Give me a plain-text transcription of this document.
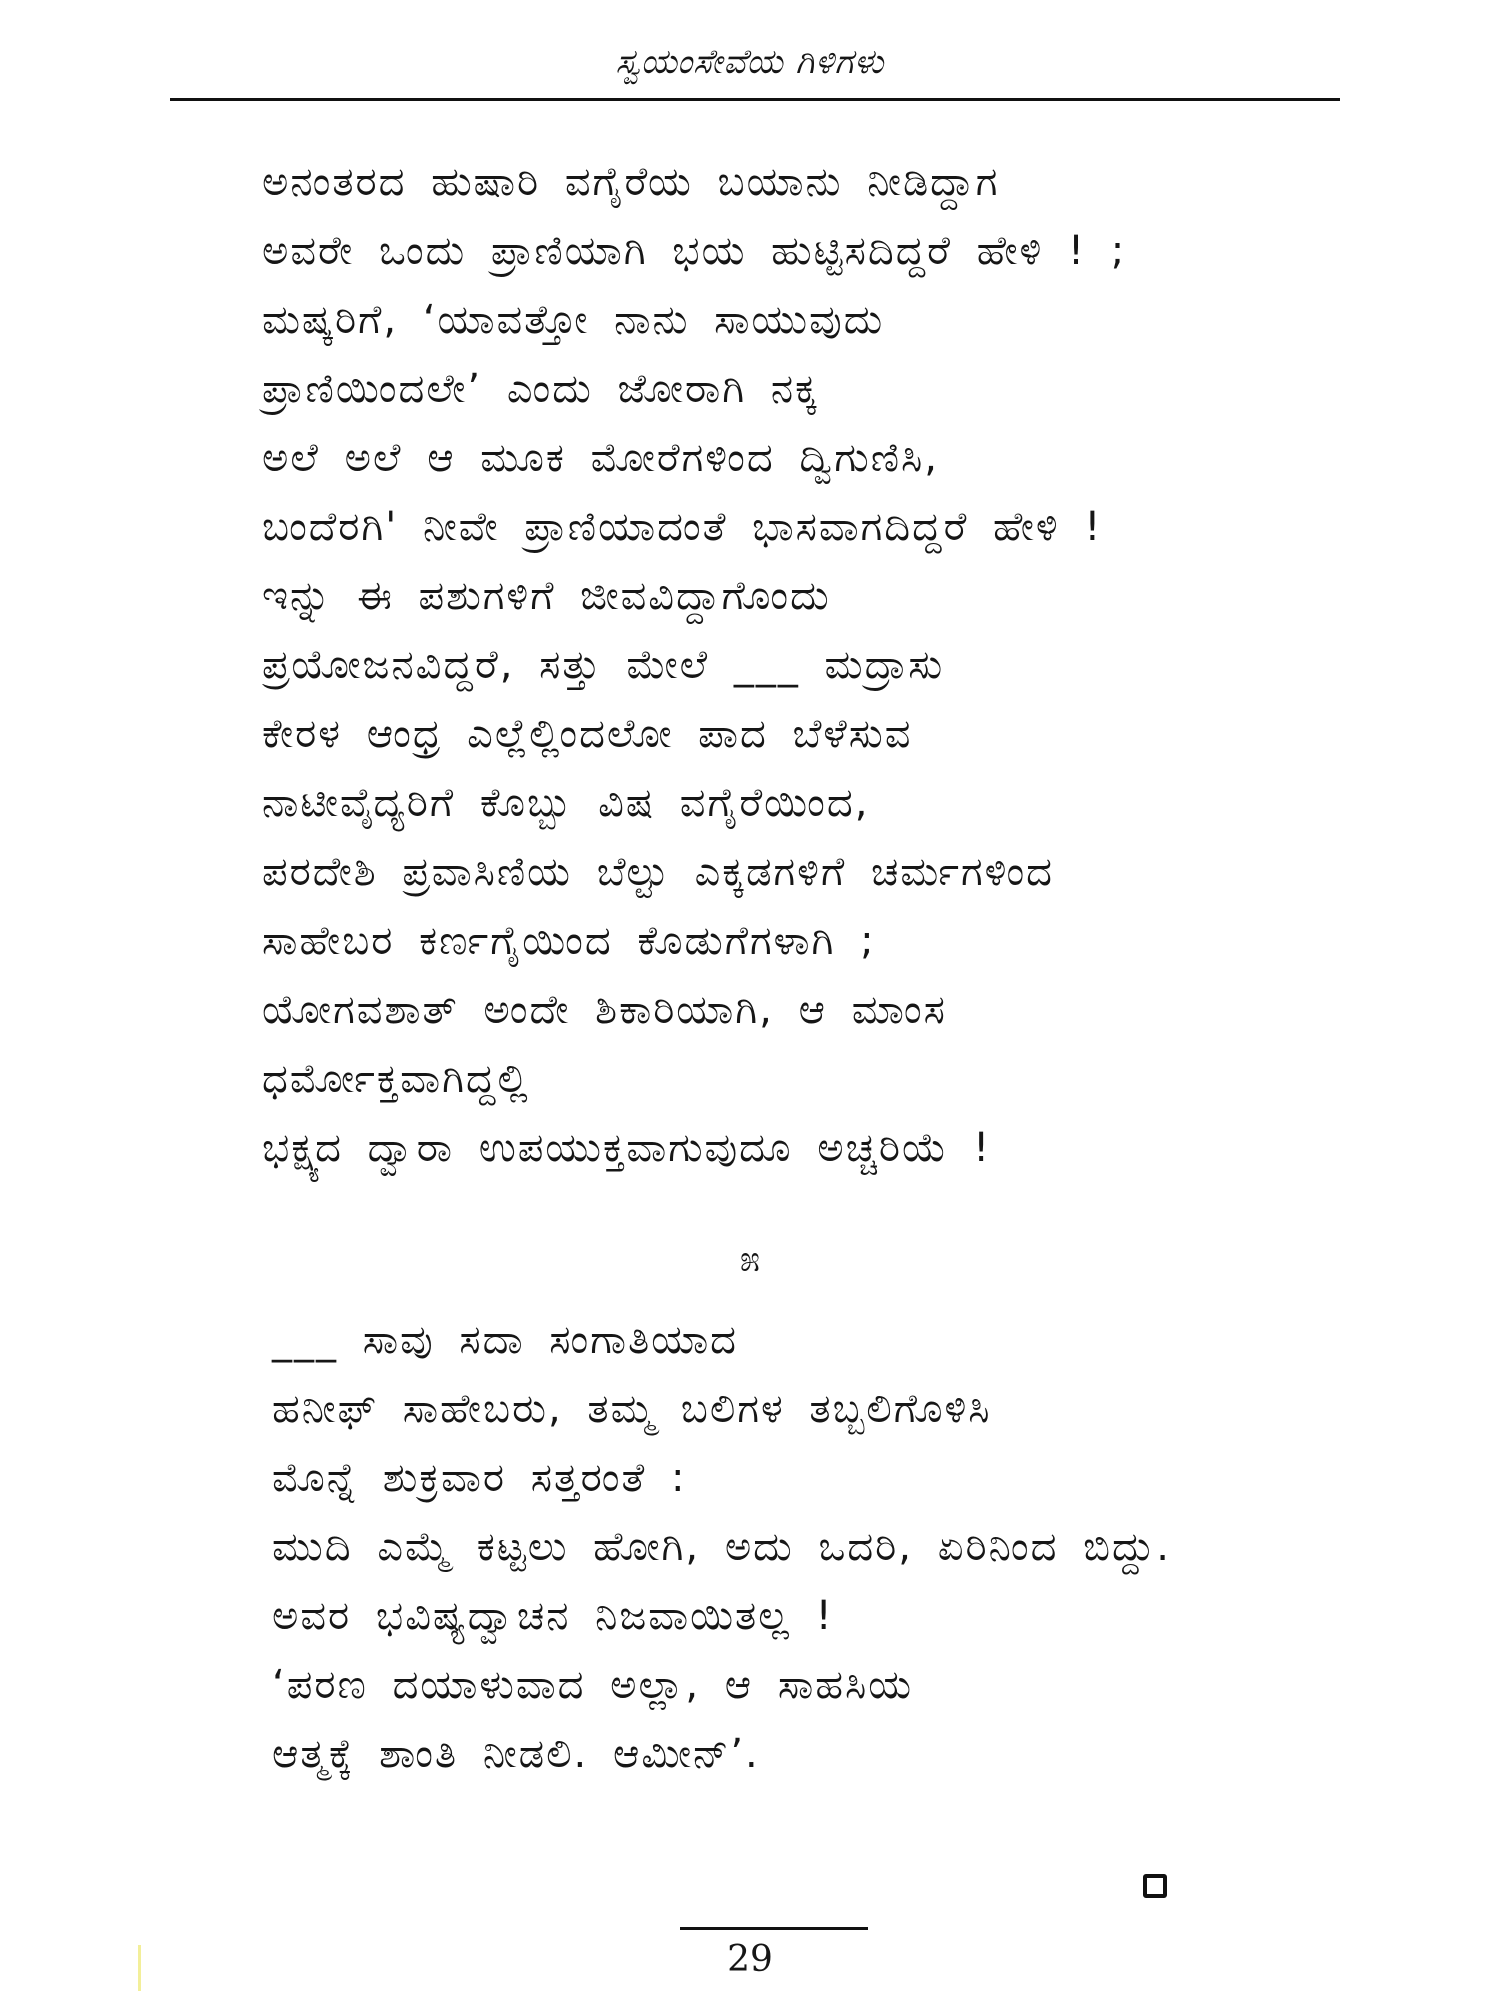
ಸ್ವಯಂಸೇವೆಯ ಗಿಳಿಗಳು
ಅನಂತರದ ಹುಷಾರಿ ವಗೈರೆಯ ಬಯಾನು ನೀಡಿದ್ದಾಗ
ಅವರೇ ಒಂದು ಪ್ರಾಣಿಯಾಗಿ ಭಯ ಹುಟ್ಟಿಸದಿದ್ದರೆ ಹೇಳಿ ! ;
ಮಷ್ಕರಿಗೆ, ‘ಯಾವತ್ತೋ ನಾನು ಸಾಯುವುದು
ಪ್ರಾಣಿಯಿಂದಲೇ’ ಎಂದು ಜೋರಾಗಿ ನಕ್ಕ
ಅಲೆ ಅಲೆ ಆ ಮೂಕ ಮೋರೆಗಳಿಂದ ದ್ವಿಗುಣಿಸಿ,
ಬಂದೆರಗಿ' ನೀವೇ ಪ್ರಾಣಿಯಾದಂತೆ ಭಾಸವಾಗದಿದ್ದರೆ ಹೇಳಿ !
ಇನ್ನು ಈ ಪಶುಗಳಿಗೆ ಜೀವವಿದ್ದಾಗೊಂದು
ಪ್ರಯೋಜನವಿದ್ದರೆ, ಸತ್ತು ಮೇಲೆ ___ ಮದ್ರಾಸು
ಕೇರಳ ಆಂಧ್ರ ಎಲ್ಲೆಲ್ಲಿಂದಲೋ ಪಾದ ಬೆಳೆಸುವ
ನಾಟೀವೈದ್ಯರಿಗೆ ಕೊಬ್ಬು ವಿಷ ವಗೈರೆಯಿಂದ,
ಪರದೇಶಿ ಪ್ರವಾಸಿಣಿಯ ಬೆಲ್ಟು ಎಕ್ಕಡಗಳಿಗೆ ಚರ್ಮಗಳಿಂದ
ಸಾಹೇಬರ ಕರ್ಣಗೈಯಿಂದ ಕೊಡುಗೆಗಳಾಗಿ ;
ಯೋಗವಶಾತ್ ಅಂದೇ ಶಿಕಾರಿಯಾಗಿ, ಆ ಮಾಂಸ
ಧರ್ಮೋಕ್ತವಾಗಿದ್ದಲ್ಲಿ
ಭಕ್ಷ್ಯದ ದ್ವಾರಾ ಉಪಯುಕ್ತವಾಗುವುದೂ ಅಚ್ಚರಿಯೆ !
೫
___ ಸಾವು ಸದಾ ಸಂಗಾತಿಯಾದ
ಹನೀಫ್ ಸಾಹೇಬರು, ತಮ್ಮ ಬಲಿಗಳ ತಬ್ಬಲಿಗೊಳಿಸಿ
ಮೊನ್ನೆ ಶುಕ್ರವಾರ ಸತ್ತರಂತೆ :
ಮುದಿ ಎಮ್ಮೆ ಕಟ್ಟಲು ಹೋಗಿ, ಅದು ಒದರಿ, ಏರಿನಿಂದ ಬಿದ್ದು.
ಅವರ ಭವಿಷ್ಯದ್ವಾಚನ ನಿಜವಾಯಿತಲ್ಲ !
‘ಪರಣ ದಯಾಳುವಾದ ಅಲ್ಲಾ, ಆ ಸಾಹಸಿಯ
ಆತ್ಮಕ್ಕೆ ಶಾಂತಿ ನೀಡಲಿ. ಆಮೀನ್’.
29
